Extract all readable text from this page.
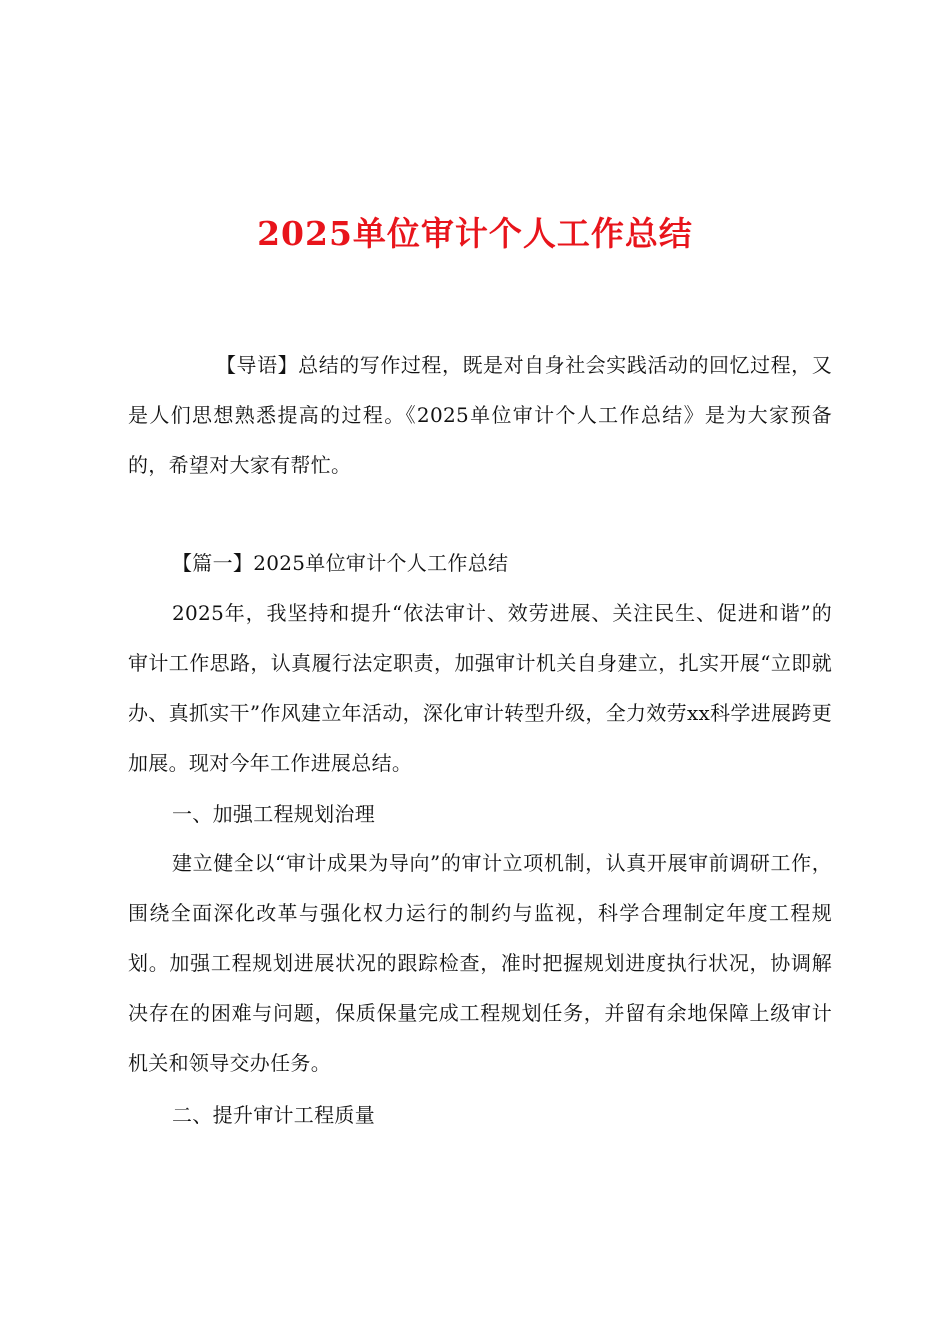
2025单位审计个人工作总结

【导语】总结的写作过程，既是对自身社会实践活动的回忆过程，又是人们思想熟悉提高的过程。《2025单位审计个人工作总结》是为大家预备的，希望对大家有帮忙。

【篇一】2025单位审计个人工作总结

2025年，我坚持和提升“依法审计、效劳进展、关注民生、促进和谐”的审计工作思路，认真履行法定职责，加强审计机关自身建立，扎实开展“立即就办、真抓实干”作风建立年活动，深化审计转型升级，全力效劳xx科学进展跨更加展。现对今年工作进展总结。

一、加强工程规划治理

建立健全以“审计成果为导向”的审计立项机制，认真开展审前调研工作，围绕全面深化改革与强化权力运行的制约与监视，科学合理制定年度工程规划。加强工程规划进展状况的跟踪检查，准时把握规划进度执行状况，协调解决存在的困难与问题，保质保量完成工程规划任务，并留有余地保障上级审计机关和领导交办任务。

二、提升审计工程质量
